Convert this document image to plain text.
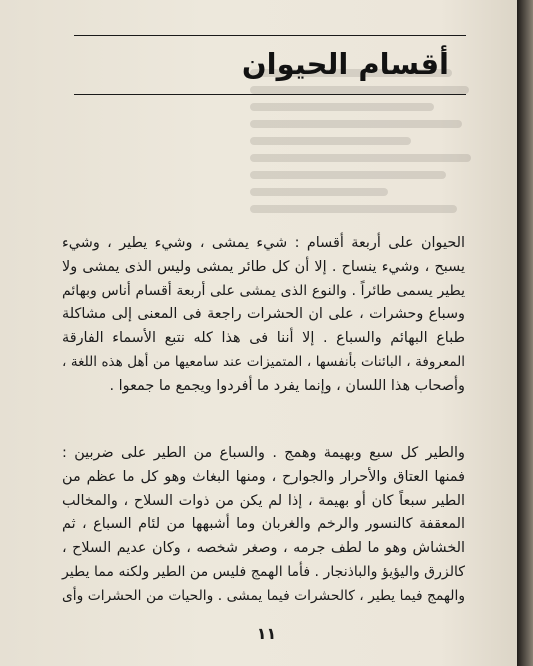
أقسام الحيوان
الحيوان على أربعة أقسام : شيء يمشى ، وشيء يطير ، وشيء
يسبح ، وشيء ينساح . إلا أن كل طائر يمشى وليس الذى يمشى ولا
يطير يسمى طائراً . والنوع الذى يمشى على أربعة أقسام أناس وبهائم
وسباع وحشرات ، على ان الحشرات راجعة فى المعنى إلى مشاكلة
طباع البهائم والسباع . إلا أننا فى هذا كله نتبع الأسماء الفارقة
المعروفة ، البائنات بأنفسها ، المتميزات عند سامعيها من أهل هذه اللغة ،
وأصحاب هذا اللسان ، وإنما يفرد ما أفردوا ويجمع ما جمعوا .
والطير كل سبع وبهيمة وهمج . والسباع من الطير على ضربين :
فمنها العتاق والأحرار والجوارح ، ومنها البغاث وهو كل ما عظم من
الطير سبعاً كان أو بهيمة ، إذا لم يكن من ذوات السلاح ، والمخالب
المعقفة كالنسور والرخم والغربان وما أشبهها من لئام السباع ، ثم
الخشاش وهو ما لطف جرمه ، وصغر شخصه ، وكان عديم السلاح ،
كالزرق واليؤيؤ والباذنجار . فأما الهمج فليس من الطير ولكنه مما يطير
والهمج فيما يطير ، كالحشرات فيما يمشى . والحيات من الحشرات وأى
١١
